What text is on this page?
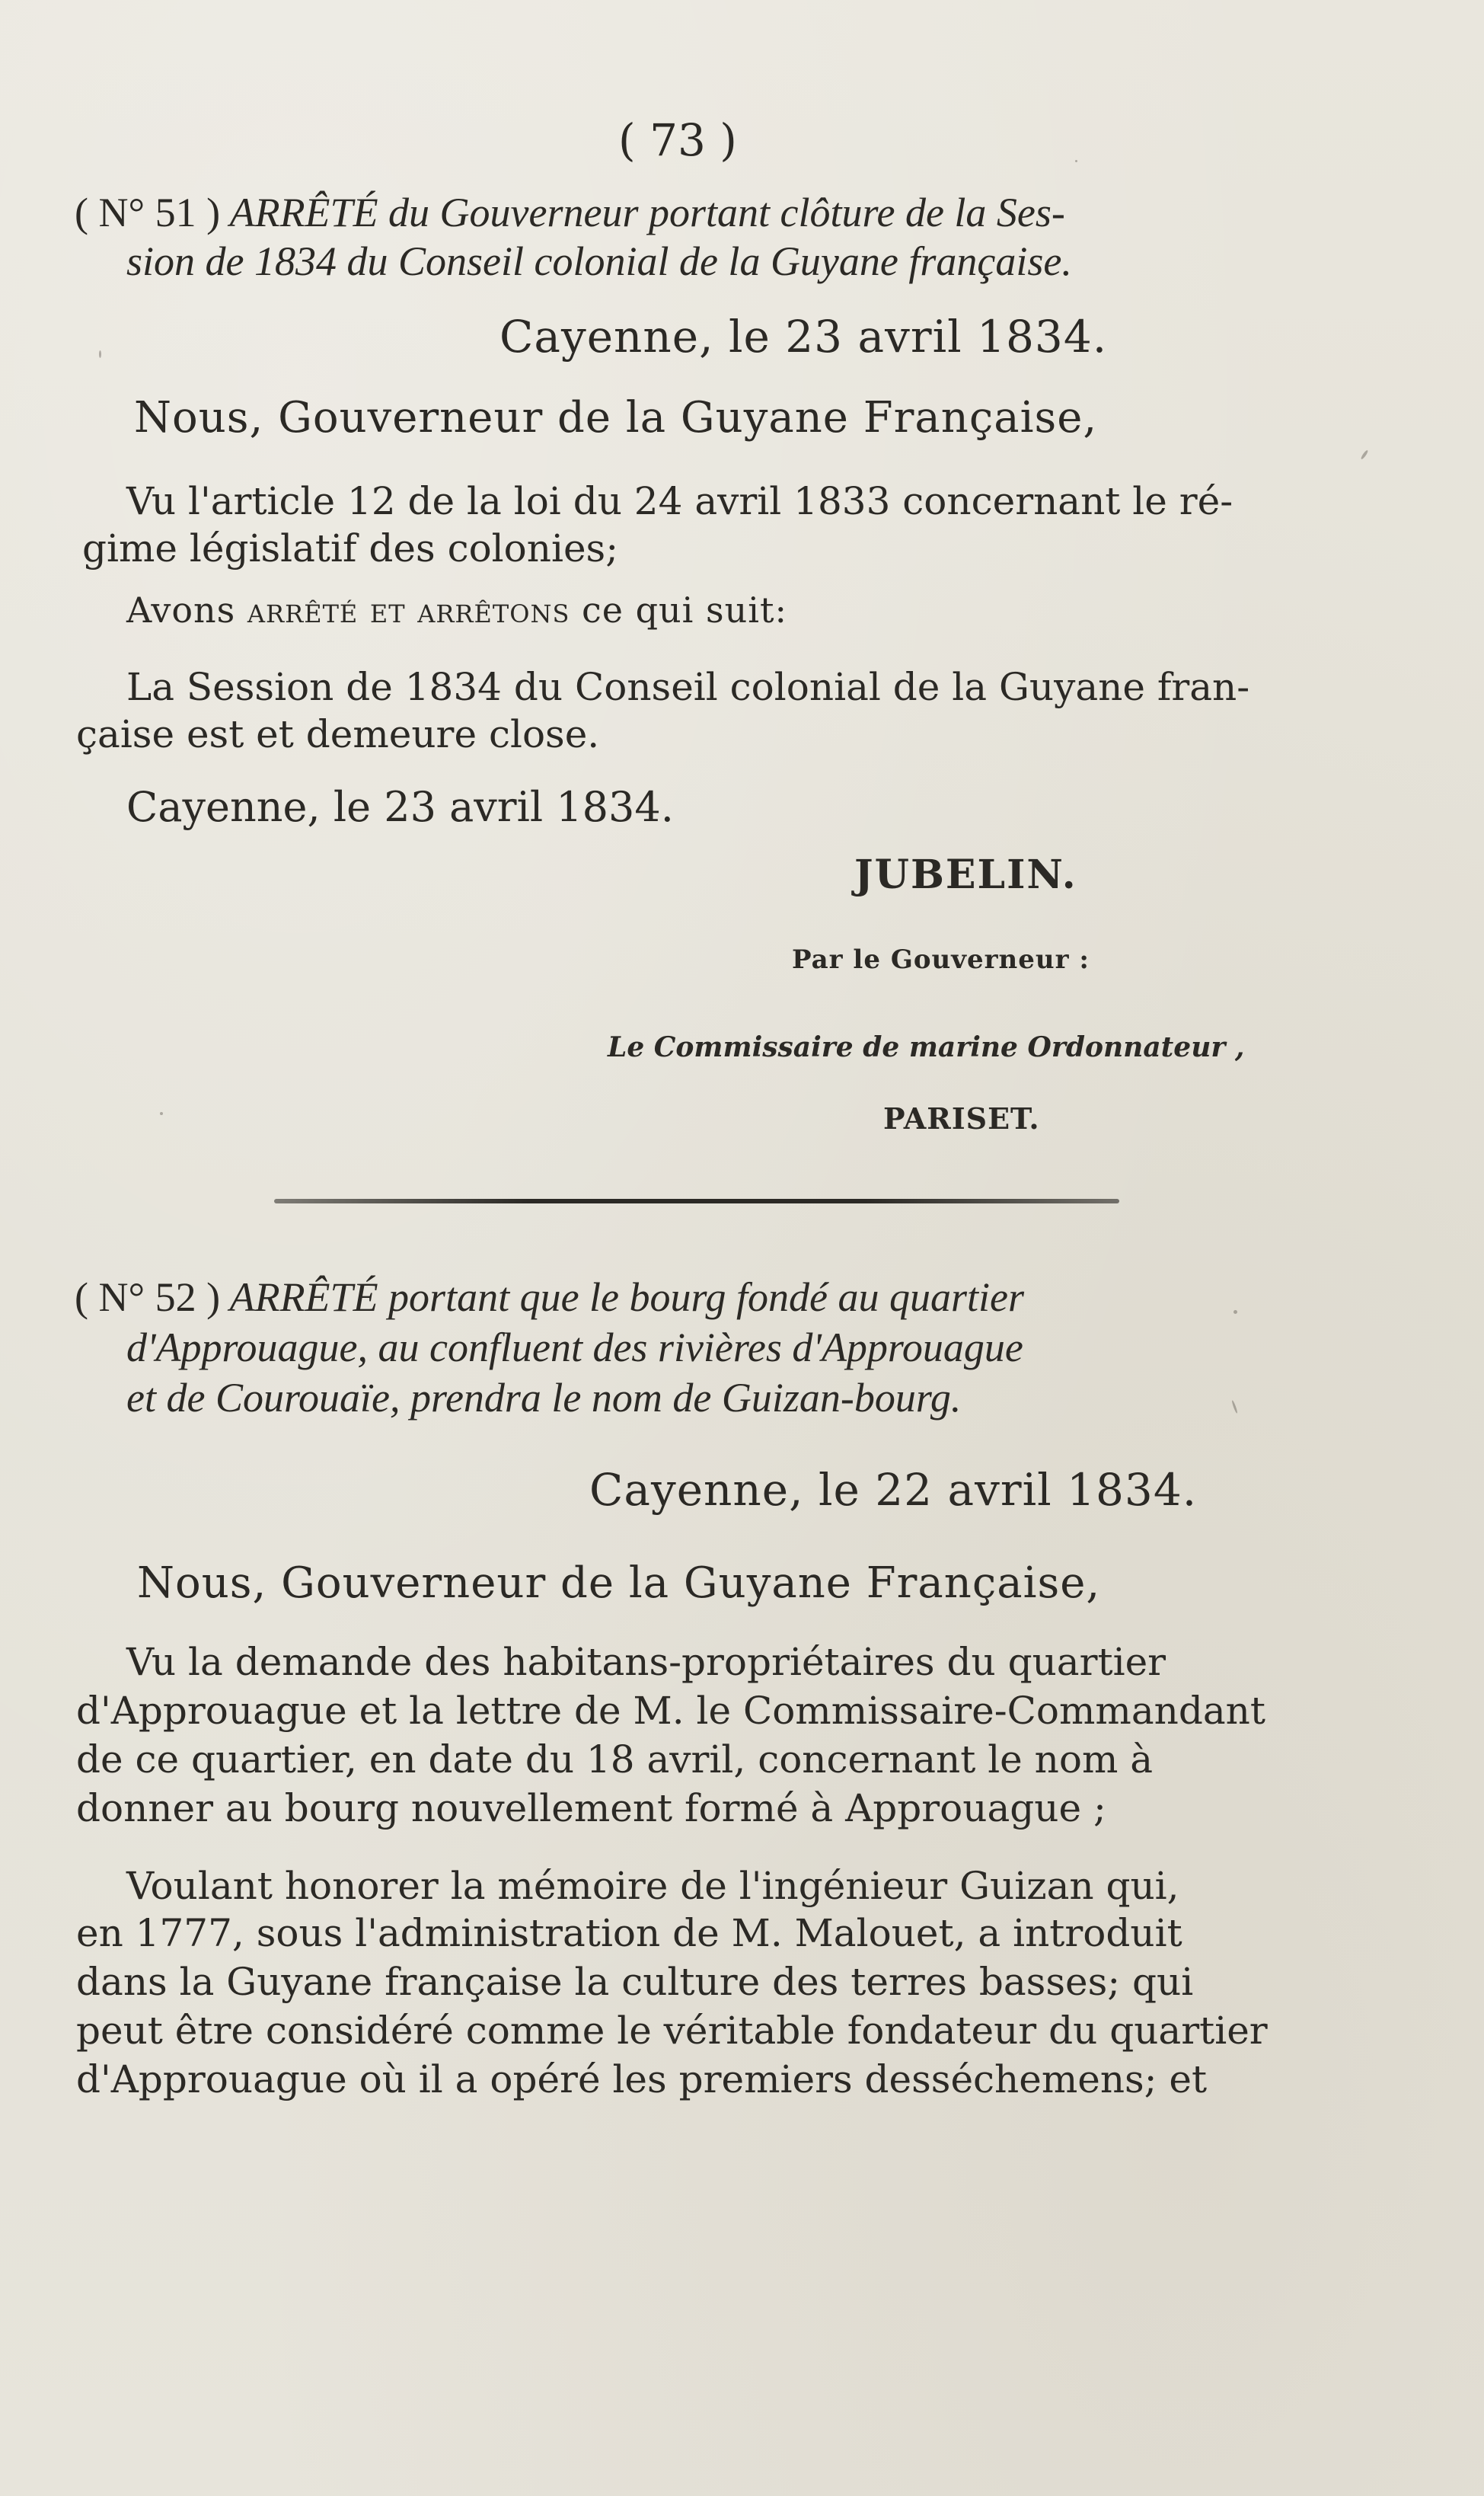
( 73 )
( N° 51 ) ARRÊTÉ du Gouverneur portant clôture de la Ses-
sion de 1834 du Conseil colonial de la Guyane française.
Cayenne, le 23 avril 1834.
Nous, Gouverneur de la Guyane Française,
Vu l'article 12 de la loi du 24 avril 1833 concernant le ré-
gime législatif des colonies;
Avons arrêté et arrêtons ce qui suit:
La Session de 1834 du Conseil colonial de la Guyane fran-
çaise est et demeure close.
Cayenne, le 23 avril 1834.
JUBELIN.
Par le Gouverneur :
Le Commissaire de marine Ordonnateur ,
PARISET.
( N° 52 ) ARRÊTÉ portant que le bourg fondé au quartier
d'Approuague, au confluent des rivières d'Approuague
et de Courouaïe, prendra le nom de Guizan-bourg.
Cayenne, le 22 avril 1834.
Nous, Gouverneur de la Guyane Française,
Vu la demande des habitans-propriétaires du quartier
d'Approuague et la lettre de M. le Commissaire-Commandant
de ce quartier, en date du 18 avril, concernant le nom à
donner au bourg nouvellement formé à Approuague ;
Voulant honorer la mémoire de l'ingénieur Guizan qui,
en 1777, sous l'administration de M. Malouet, a introduit
dans la Guyane française la culture des terres basses; qui
peut être considéré comme le véritable fondateur du quartier
d'Approuague où il a opéré les premiers desséchemens; et
